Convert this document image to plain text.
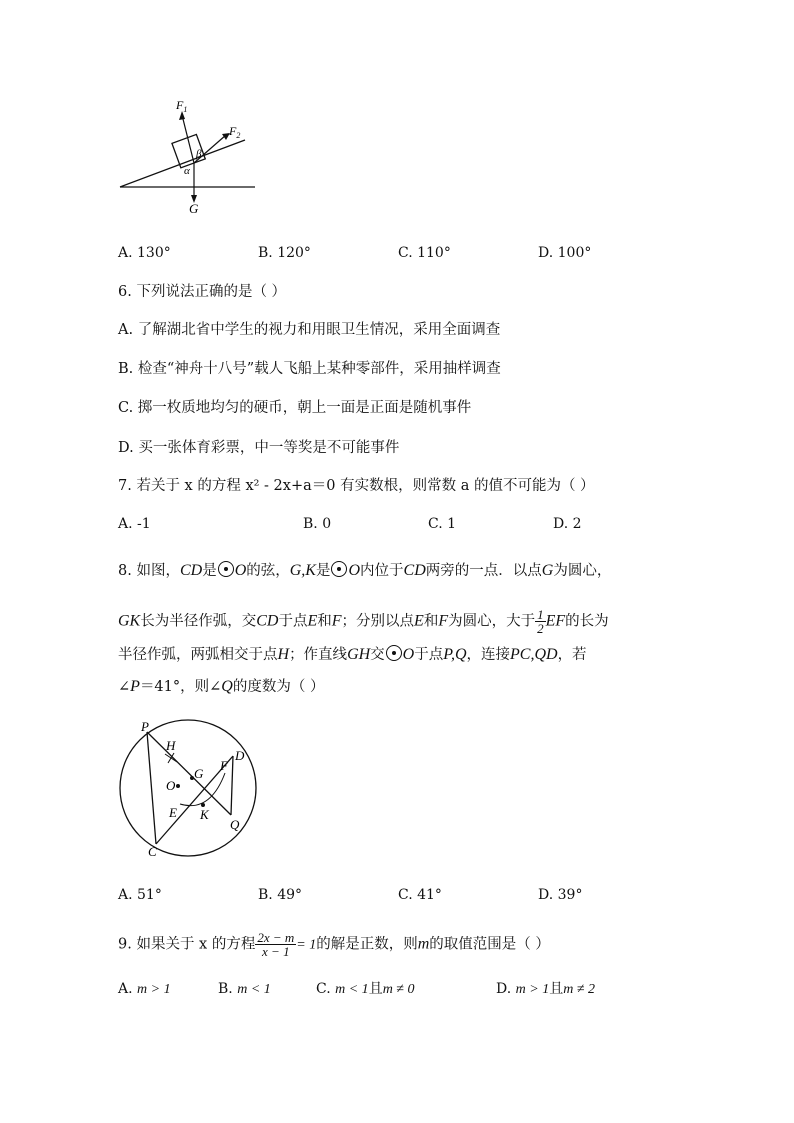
$F_1$
$F_2$
α
β
G
A. 130°	B. 120°	C. 110°	D. 100°
6. 下列说法正确的是（ ）
A. 了解湖北省中学生的视力和用眼卫生情况，采用全面调查
B. 检查“神舟十八号”载人飞船上某种零部件，采用抽样调查
C. 掷一枚质地均匀的硬币，朝上一面是正面是随机事件
D. 买一张体育彩票，中一等奖是不可能事件
7. 若关于 x 的方程 x² - 2x+a＝0 有实数根，则常数 a 的值不可能为（ ）
A. -1	B. 0	C. 1	D. 2
8. 如图，CD是 O的弦，G,K是 O内位于CD两旁的一点．以点G为圆心，
GK长为半径作弧，交CD于点E和F；分别以点E和F为圆心，大于 $\frac{1}{2}$ EF的长为
半径作弧，两弧相交于点H；作直线GH交 O于点P,Q，连接PC,QD，若
∠P＝41°，则∠Q的度数为（ ）
P
H
G
F
D
O
E K
Q
C
A. 51°	B. 49°	C. 41°	D. 39°
9. 如果关于 x 的方程 $\frac{2x - m}{x - 1} = 1$的解是正数，则m的取值范围是（ ）
A. m > 1	B. m < 1	C. m < 1且m ≠ 0	D. m > 1且m ≠ 2
